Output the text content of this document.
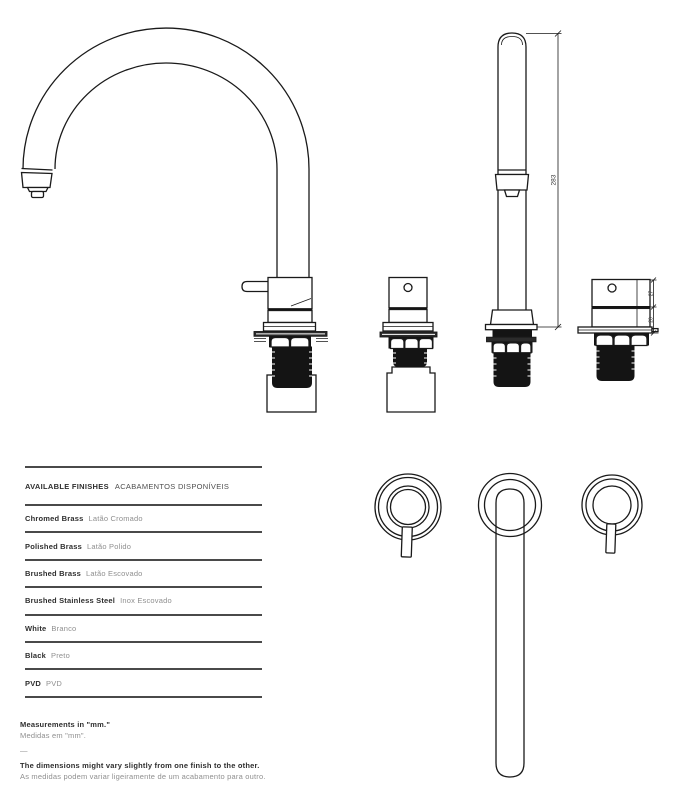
283
27
20
AVAILABLE FINISHES ACABAMENTOS DISPONÍVEIS
Chromed Brass Latão Cromado
Polished Brass Latão Polido
Brushed Brass Latão Escovado
Brushed Stainless Steel Inox Escovado
White Branco
Black Preto
PVD PVD
Measurements in "mm."
Medidas em "mm".
—
The dimensions might vary slightly from one finish to the other.
As medidas podem variar ligeiramente de um acabamento para outro.
